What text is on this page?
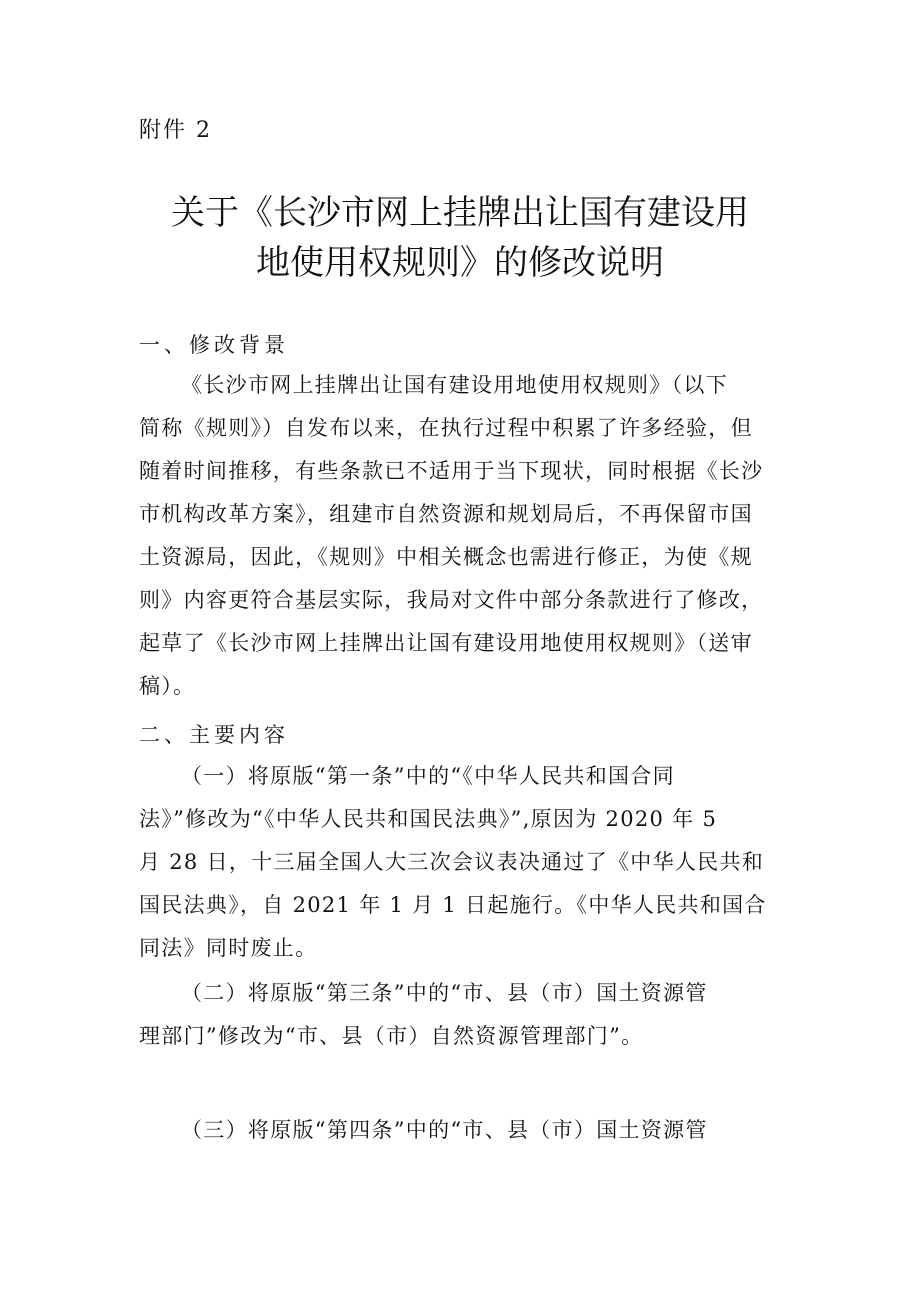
附件 2
关于《长沙市网上挂牌出让国有建设用
地使用权规则》的修改说明
一、修改背景
《长沙市网上挂牌出让国有建设用地使用权规则》（以下
简称《规则》）自发布以来，在执行过程中积累了许多经验，但
随着时间推移，有些条款已不适用于当下现状，同时根据《长沙
市机构改革方案》，组建市自然资源和规划局后，不再保留市国
土资源局，因此，《规则》中相关概念也需进行修正，为使《规
则》内容更符合基层实际，我局对文件中部分条款进行了修改，
起草了《长沙市网上挂牌出让国有建设用地使用权规则》（送审
稿）。
二、主要内容
（一）将原版“第一条”中的“《中华人民共和国合同
法》”修改为“《中华人民共和国民法典》”,原因为 2020 年 5
月 28 日，十三届全国人大三次会议表决通过了《中华人民共和
国民法典》，自 2021 年 1 月 1 日起施行。《中华人民共和国合
同法》同时废止。
（二）将原版“第三条”中的“市、县（市）国土资源管
理部门”修改为“市、县（市）自然资源管理部门”。
（三）将原版“第四条”中的“市、县（市）国土资源管
